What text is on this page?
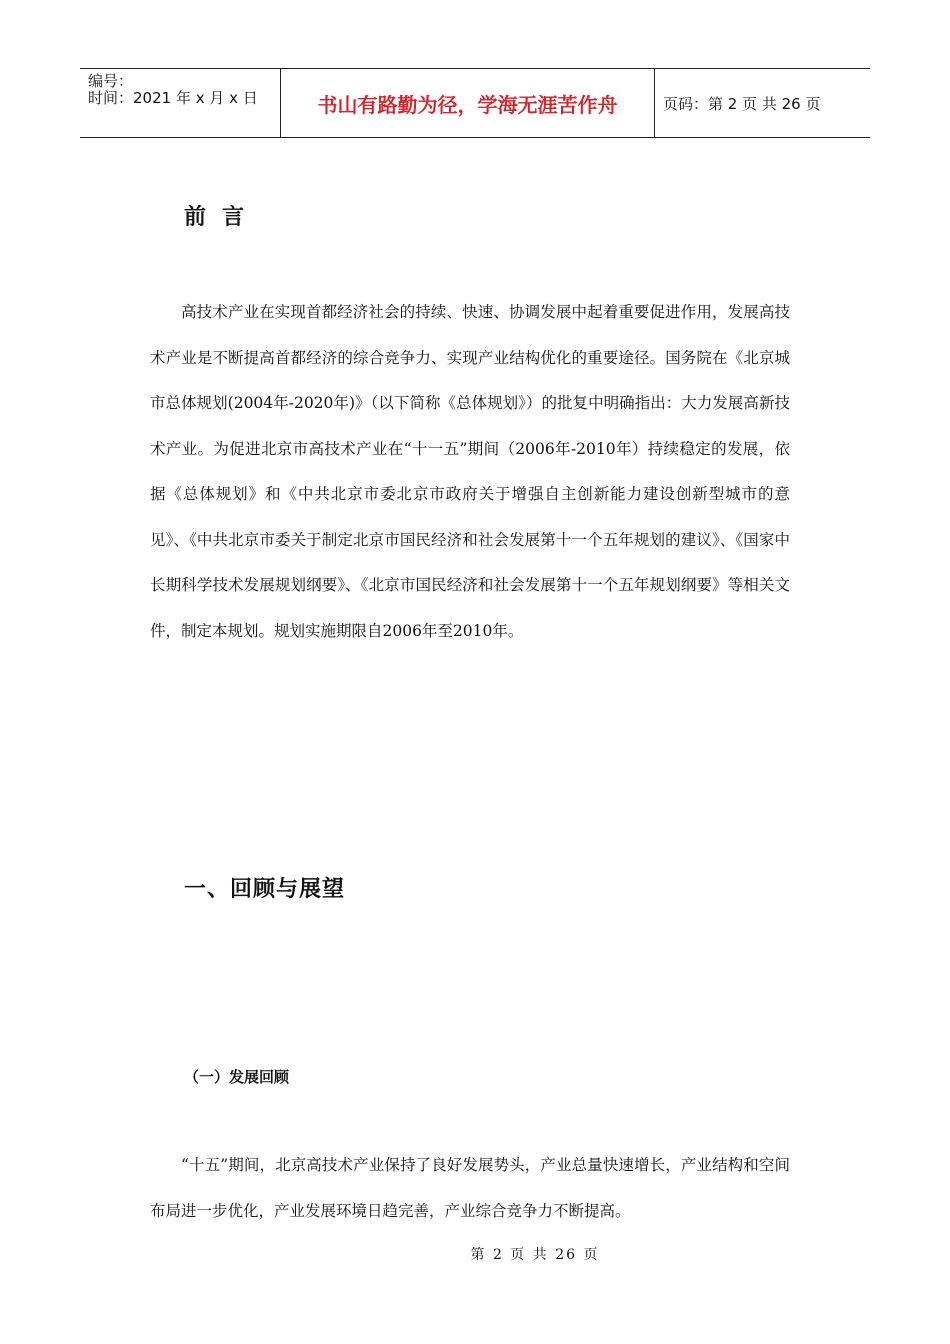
编号：
时间：2021 年 x 月 x 日	书山有路勤为径，学海无涯苦作舟	页码：第 2 页 共 26 页
前言

高技术产业在实现首都经济社会的持续、快速、协调发展中起着重要促进作用，发展高技术产业是不断提高首都经济的综合竞争力、实现产业结构优化的重要途径。国务院在《北京城市总体规划(2004年-2020年)》（以下简称《总体规划》）的批复中明确指出：大力发展高新技术产业。为促进北京市高技术产业在“十一五”期间（2006年-2010年）持续稳定的发展，依据《总体规划》和《中共北京市委北京市政府关于增强自主创新能力建设创新型城市的意见》、《中共北京市委关于制定北京市国民经济和社会发展第十一个五年规划的建议》、《国家中长期科学技术发展规划纲要》、《北京市国民经济和社会发展第十一个五年规划纲要》等相关文件，制定本规划。规划实施期限自2006年至2010年。

一、回顾与展望
（一）发展回顾

“十五”期间，北京高技术产业保持了良好发展势头，产业总量快速增长，产业结构和空间布局进一步优化，产业发展环境日趋完善，产业综合竞争力不断提高。

第 2 页 共 26 页
